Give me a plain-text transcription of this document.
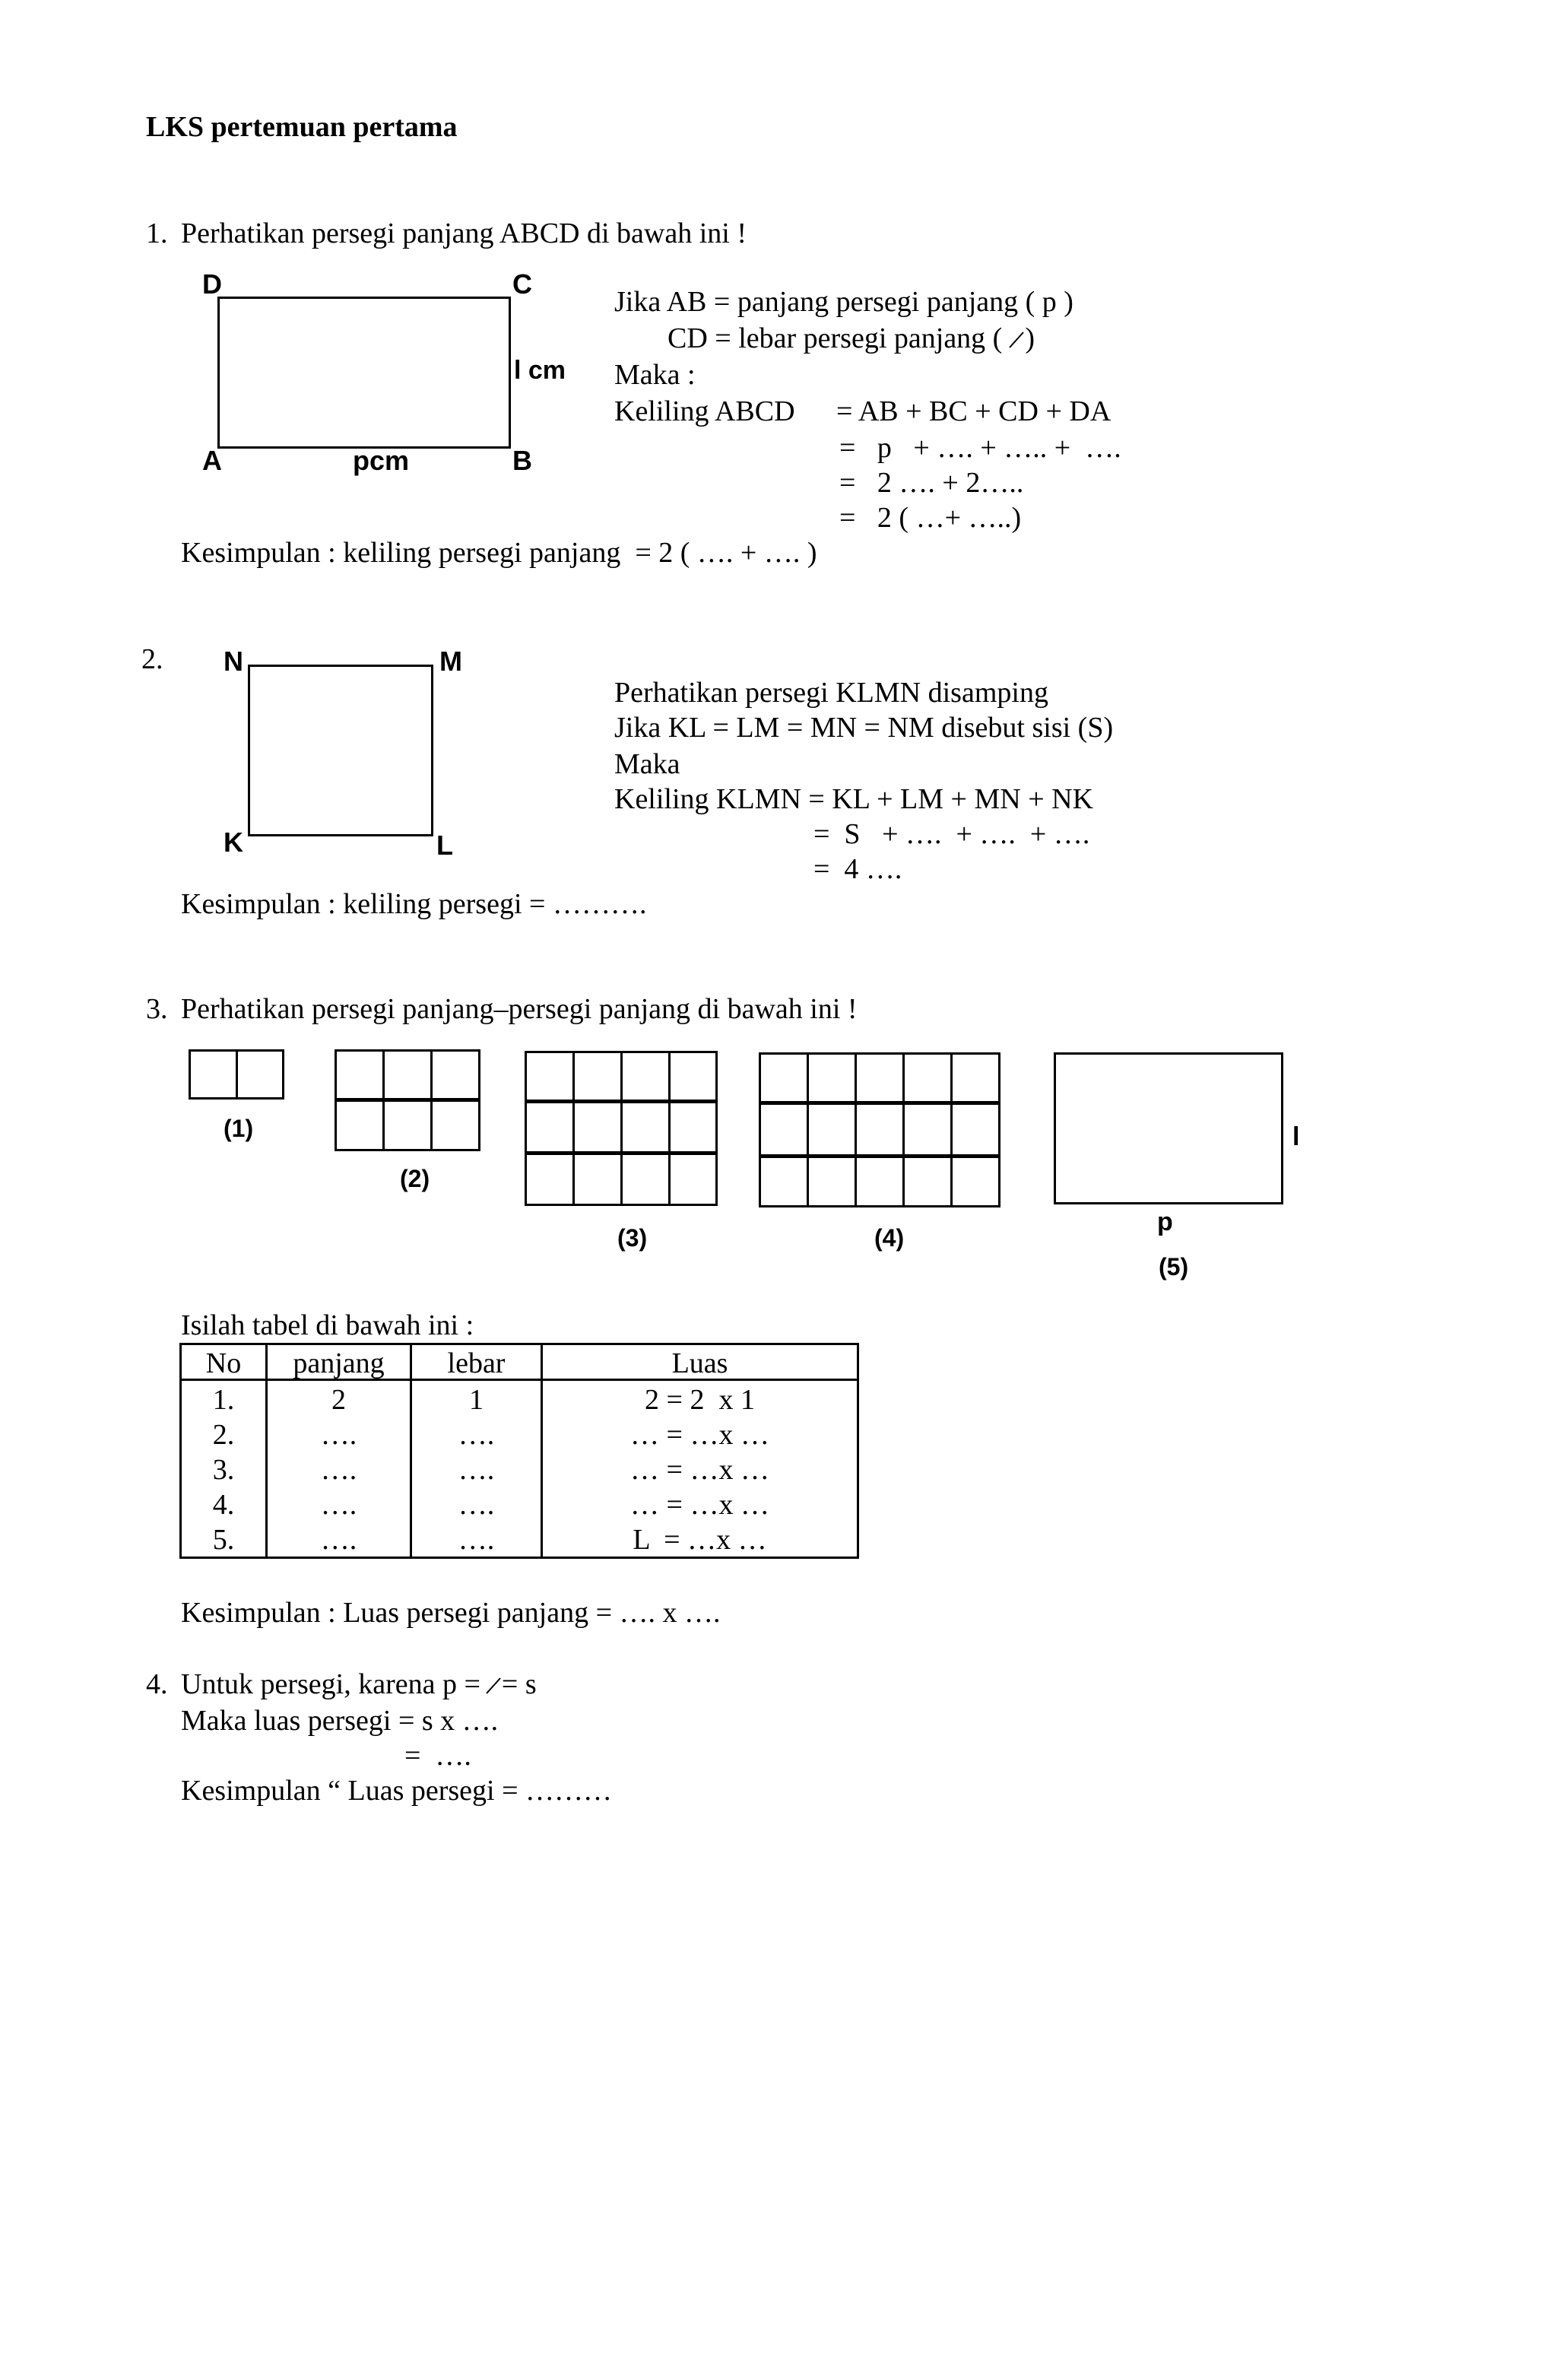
LKS pertemuan pertama
1. Perhatikan persegi panjang ABCD di bawah ini !
D	C
A	B
pcm
l cm
Jika AB = panjang persegi panjang ( p )
CD = lebar persegi panjang ( )
Maka :
Keliling ABCD = AB + BC + CD + DA
=   p   + …. + ….. +  ….
=   2 …. + 2…..
=   2 ( …+ …..)
Kesimpulan : keliling persegi panjang  = 2 ( …. + …. )
2. N	M
K	L
Perhatikan persegi KLMN disamping
Jika KL = LM = MN = NM disebut sisi (S)
Maka
Keliling KLMN = KL + LM + MN + NK
=  S   + ….  + ….  + ….
=  4 ….
Kesimpulan : keliling persegi = ……….
3. Perhatikan persegi panjang–persegi panjang di bawah ini !
(1)
(2)
(3)	(4)
p
l
(5)
Isilah tabel di bawah ini :
No	panjang	lebar	Luas
1.	2	1	2 = 2  x 1
2.	….	….	… = …x …
3.	….	….	… = …x …
4.	….	….	… = …x …
5.	….	….	L  = …x …
Kesimpulan : Luas persegi panjang = …. x ….
4. Untuk persegi, karena p = = s
Maka luas persegi = s x ….
=  ….
Kesimpulan “ Luas persegi = ………
